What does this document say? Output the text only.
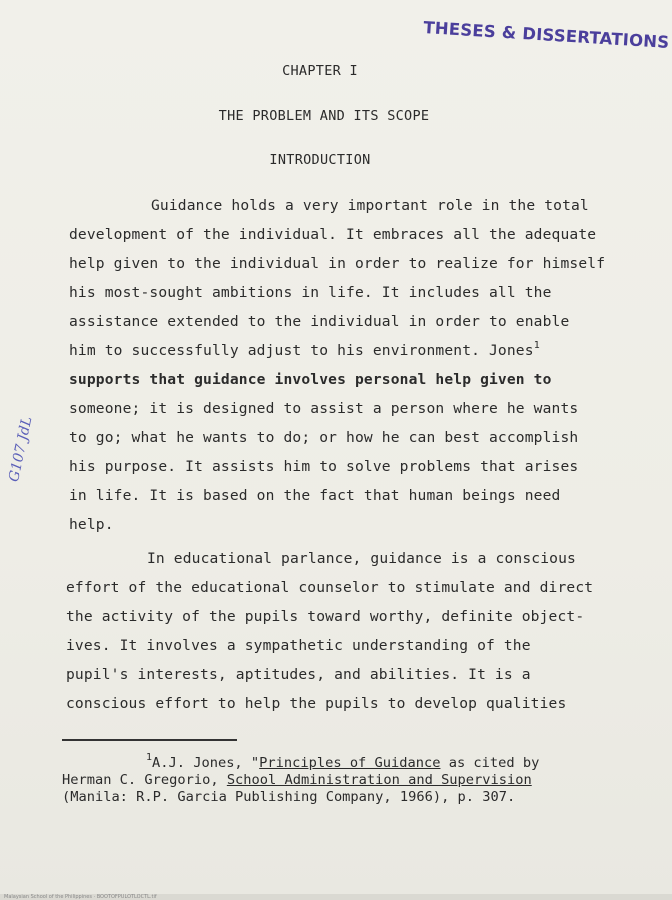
THESES & DISSERTATIONS
G107 JdL
CHAPTER I
THE PROBLEM AND ITS SCOPE
INTRODUCTION
Guidance holds a very important role in the total
development of the individual. It embraces all the adequate
help given to the individual in order to realize for himself
his most-sought ambitions in life. It includes all the
assistance extended to the individual in order to enable
him to successfully adjust to his environment. Jones$^1$
supports that guidance involves personal help given to
someone; it is designed to assist a person where he wants
to go; what he wants to do; or how he can best accomplish
his purpose. It assists him to solve problems that arises
in life. It is based on the fact that human beings need
help.
In educational parlance, guidance is a conscious
effort of the educational counselor to stimulate and direct
the activity of the pupils toward worthy, definite object-
ives. It involves a sympathetic understanding of the
pupil's interests, aptitudes, and abilities. It is a
conscious effort to help the pupils to develop qualities
$^1$A.J. Jones, "Principles of Guidance as cited by
Herman C. Gregorio, School Administration and Supervision
(Manila: R.P. Garcia Publishing Company, 1966), p. 307.
Malaysian School of the Philippines · BOOTOFPULOTLOCTL.tif
